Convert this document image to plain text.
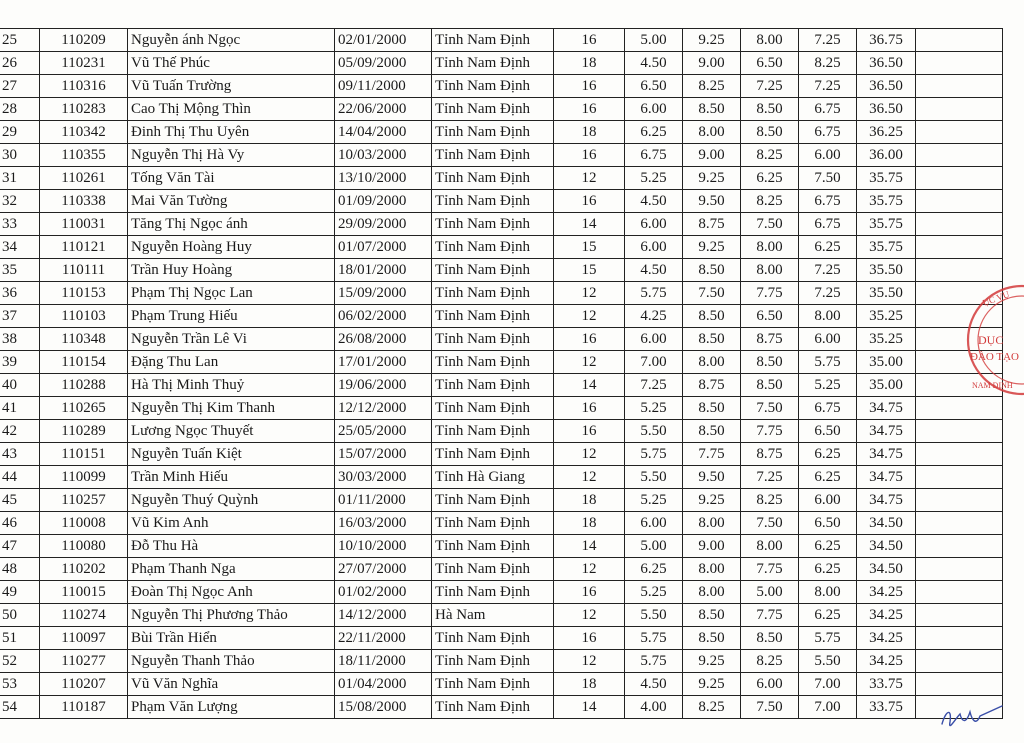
25	110209	Nguyễn ánh Ngọc	02/01/2000	Tỉnh Nam Định	16	5.00	9.25	8.00	7.25	36.75	
26	110231	Vũ Thế Phúc	05/09/2000	Tỉnh Nam Định	18	4.50	9.00	6.50	8.25	36.50	
27	110316	Vũ Tuấn Trường	09/11/2000	Tỉnh Nam Định	16	6.50	8.25	7.25	7.25	36.50	
28	110283	Cao Thị Mộng Thìn	22/06/2000	Tỉnh Nam Định	16	6.00	8.50	8.50	6.75	36.50	
29	110342	Đinh Thị Thu Uyên	14/04/2000	Tỉnh Nam Định	18	6.25	8.00	8.50	6.75	36.25	
30	110355	Nguyễn Thị Hà Vy	10/03/2000	Tỉnh Nam Định	16	6.75	9.00	8.25	6.00	36.00	
31	110261	Tống Văn Tài	13/10/2000	Tỉnh Nam Định	12	5.25	9.25	6.25	7.50	35.75	
32	110338	Mai Văn Tường	01/09/2000	Tỉnh Nam Định	16	4.50	9.50	8.25	6.75	35.75	
33	110031	Tăng Thị Ngọc ánh	29/09/2000	Tỉnh Nam Định	14	6.00	8.75	7.50	6.75	35.75	
34	110121	Nguyễn Hoàng Huy	01/07/2000	Tỉnh Nam Định	15	6.00	9.25	8.00	6.25	35.75	
35	110111	Trần Huy Hoàng	18/01/2000	Tỉnh Nam Định	15	4.50	8.50	8.00	7.25	35.50	
36	110153	Phạm Thị Ngọc Lan	15/09/2000	Tỉnh Nam Định	12	5.75	7.50	7.75	7.25	35.50	
37	110103	Phạm Trung Hiếu	06/02/2000	Tỉnh Nam Định	12	4.25	8.50	6.50	8.00	35.25	
38	110348	Nguyễn Trần Lê Vi	26/08/2000	Tỉnh Nam Định	16	6.00	8.50	8.75	6.00	35.25	
39	110154	Đặng Thu Lan	17/01/2000	Tỉnh Nam Định	12	7.00	8.00	8.50	5.75	35.00	
40	110288	Hà Thị Minh Thuỷ	19/06/2000	Tỉnh Nam Định	14	7.25	8.75	8.50	5.25	35.00	
41	110265	Nguyễn Thị Kim Thanh	12/12/2000	Tỉnh Nam Định	16	5.25	8.50	7.50	6.75	34.75	
42	110289	Lương Ngọc Thuyết	25/05/2000	Tỉnh Nam Định	16	5.50	8.50	7.75	6.50	34.75	
43	110151	Nguyễn Tuấn Kiệt	15/07/2000	Tỉnh Nam Định	12	5.75	7.75	8.75	6.25	34.75	
44	110099	Trần Minh Hiếu	30/03/2000	Tỉnh Hà Giang	12	5.50	9.50	7.25	6.25	34.75	
45	110257	Nguyễn Thuý Quỳnh	01/11/2000	Tỉnh Nam Định	18	5.25	9.25	8.25	6.00	34.75	
46	110008	Vũ Kim Anh	16/03/2000	Tỉnh Nam Định	18	6.00	8.00	7.50	6.50	34.50	
47	110080	Đỗ Thu Hà	10/10/2000	Tỉnh Nam Định	14	5.00	9.00	8.00	6.25	34.50	
48	110202	Phạm Thanh Nga	27/07/2000	Tỉnh Nam Định	12	6.25	8.00	7.75	6.25	34.50	
49	110015	Đoàn Thị Ngọc Anh	01/02/2000	Tỉnh Nam Định	16	5.25	8.00	5.00	8.00	34.25	
50	110274	Nguyễn Thị Phương Thảo	14/12/2000	Hà Nam	12	5.50	8.50	7.75	6.25	34.25	
51	110097	Bùi Trần Hiển	22/11/2000	Tỉnh Nam Định	16	5.75	8.50	8.50	5.75	34.25	
52	110277	Nguyễn Thanh Thảo	18/11/2000	Tỉnh Nam Định	12	5.75	9.25	8.25	5.50	34.25	
53	110207	Vũ Văn Nghĩa	01/04/2000	Tỉnh Nam Định	18	4.50	9.25	6.00	7.00	33.75	
54	110187	Phạm Văn Lượng	15/08/2000	Tỉnh Nam Định	14	4.00	8.25	7.50	7.00	33.75	
ỤC VỤ
DỤC
ĐÀO TẠO
NAM ĐỊNH
